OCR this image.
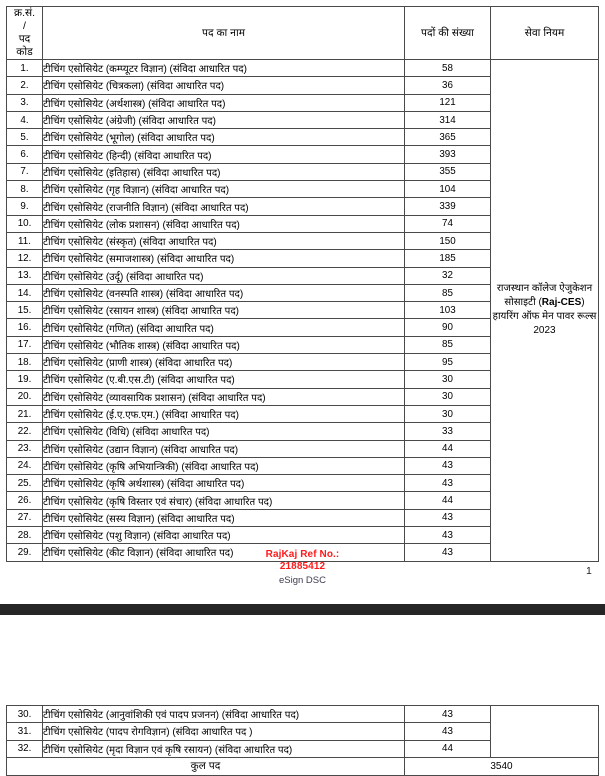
क्र.सं.
/
पद
कोड	पद का नाम	पदों की संख्या	सेवा नियम
1.	टीचिंग एसोसियेट (कम्प्यूटर विज्ञान) (संविदा आधारित पद)	58	राजस्थान कॉलेज ऐजुकेशन सोसाइटी (Raj-CES) हायरिंग ऑफ मेन पावर रूल्स 2023
2.	टीचिंग एसोसियेट (चित्रकला) (संविदा आधारित पद)	36	
3.	टीचिंग एसोसियेट (अर्थशास्त्र) (संविदा आधारित पद)	121	
4.	टीचिंग एसोसियेट (अंग्रेजी) (संविदा आधारित पद)	314	
5.	टीचिंग एसोसियेट (भूगोल) (संविदा आधारित पद)	365	
6.	टीचिंग एसोसियेट (हिन्दी) (संविदा आधारित पद)	393	
7.	टीचिंग एसोसियेट (इतिहास) (संविदा आधारित पद)	355	
8.	टीचिंग एसोसियेट (गृह विज्ञान) (संविदा आधारित पद)	104	
9.	टीचिंग एसोसियेट (राजनीति विज्ञान) (संविदा आधारित पद)	339	
10.	टीचिंग एसोसियेट (लोक प्रशासन) (संविदा आधारित पद)	74	
11.	टीचिंग एसोसियेट (संस्कृत) (संविदा आधारित पद)	150	
12.	टीचिंग एसोसियेट (समाजशास्त्र) (संविदा आधारित पद)	185	
13.	टीचिंग एसोसियेट (उर्दू) (संविदा आधारित पद)	32	
14.	टीचिंग एसोसियेट (वनस्पति शास्त्र) (संविदा आधारित पद)	85	
15.	टीचिंग एसोसियेट (रसायन शास्त्र) (संविदा आधारित पद)	103	
16.	टीचिंग एसोसियेट (गणित) (संविदा आधारित पद)	90	
17.	टीचिंग एसोसियेट (भौतिक शास्त्र) (संविदा आधारित पद)	85	
18.	टीचिंग एसोसियेट (प्राणी शास्त्र) (संविदा आधारित पद)	95	
19.	टीचिंग एसोसियेट (ए.बी.एस.टी) (संविदा आधारित पद)	30	
20.	टीचिंग एसोसियेट (व्यावसायिक प्रशासन) (संविदा आधारित पद)	30	
21.	टीचिंग एसोसियेट (ई.ए.एफ.एम.) (संविदा आधारित पद)	30	
22.	टीचिंग एसोसियेट (विधि) (संविदा आधारित पद)	33	
23.	टीचिंग एसोसियेट (उद्यान विज्ञान) (संविदा आधारित पद)	44	
24.	टीचिंग एसोसियेट (कृषि अभियान्त्रिकी) (संविदा आधारित पद)	43	
25.	टीचिंग एसोसियेट (कृषि अर्थशास्त्र) (संविदा आधारित पद)	43	
26.	टीचिंग एसोसियेट (कृषि विस्तार एवं संचार) (संविदा आधारित पद)	44	
27.	टीचिंग एसोसियेट (सस्य विज्ञान) (संविदा आधारित पद)	43	
28.	टीचिंग एसोसियेट (पशु विज्ञान) (संविदा आधारित पद)	43	
29.	टीचिंग एसोसियेट (कीट विज्ञान) (संविदा आधारित पद)	43	
RajKaj Ref No.:
21885412
eSign DSC
1
30.	टीचिंग एसोसियेट (आनुवांशिकी एवं पादप प्रजनन) (संविदा आधारित पद)	43	
31.	टीचिंग एसोसियेट (पादप रोगविज्ञान) (संविदा आधारित पद )	43	
32.	टीचिंग एसोसियेट (मृदा विज्ञान एवं कृषि रसायन) (संविदा आधारित पद)	44	
कुल पद		3540	
